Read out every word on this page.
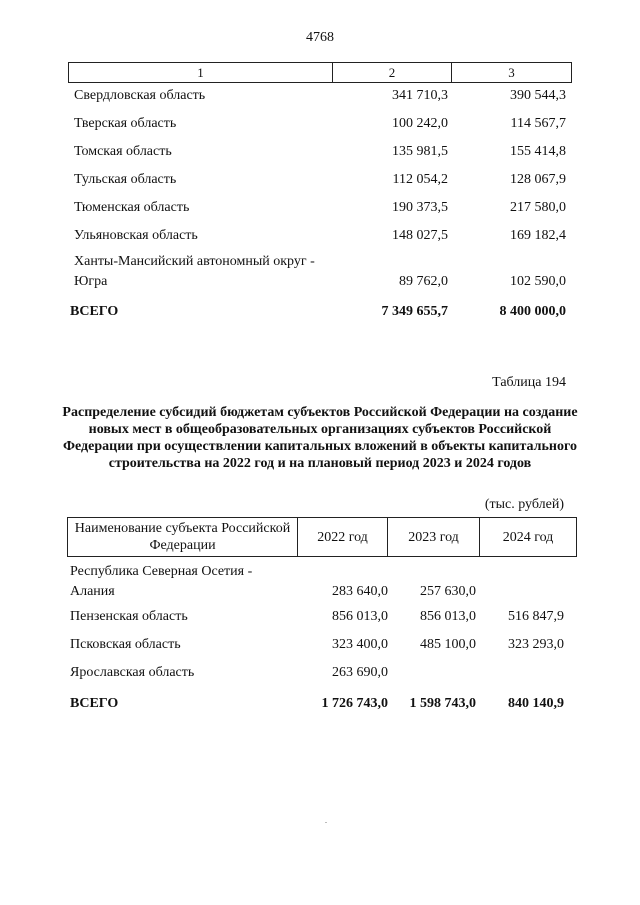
4768
1	2	3
Свердловская область	341 710,3	390 544,3
Тверская область	100 242,0	114 567,7
Томская область	135 981,5	155 414,8
Тульская область	112 054,2	128 067,9
Тюменская область	190 373,5	217 580,0
Ульяновская область	148 027,5	169 182,4
Ханты-Мансийский автономный округ - Югра	89 762,0	102 590,0
ВСЕГО	7 349 655,7	8 400 000,0
Таблица 194
Распределение субсидий бюджетам субъектов Российской Федерации на создание новых мест в общеобразовательных организациях субъектов Российской Федерации при осуществлении капитальных вложений в объекты капитального строительства на 2022 год и на плановый период 2023 и 2024 годов
(тыс. рублей)
Наименование субъекта Российской Федерации
2022 год	2023 год	2024 год
Республика Северная Осетия - Алания	283 640,0 257 630,0
Пензенская область	856 013,0 856 013,0 516 847,9
Псковская область	323 400,0 485 100,0 323 293,0
Ярославская область	263 690,0
ВСЕГО	1 726 743,0 1 598 743,0 840 140,9
